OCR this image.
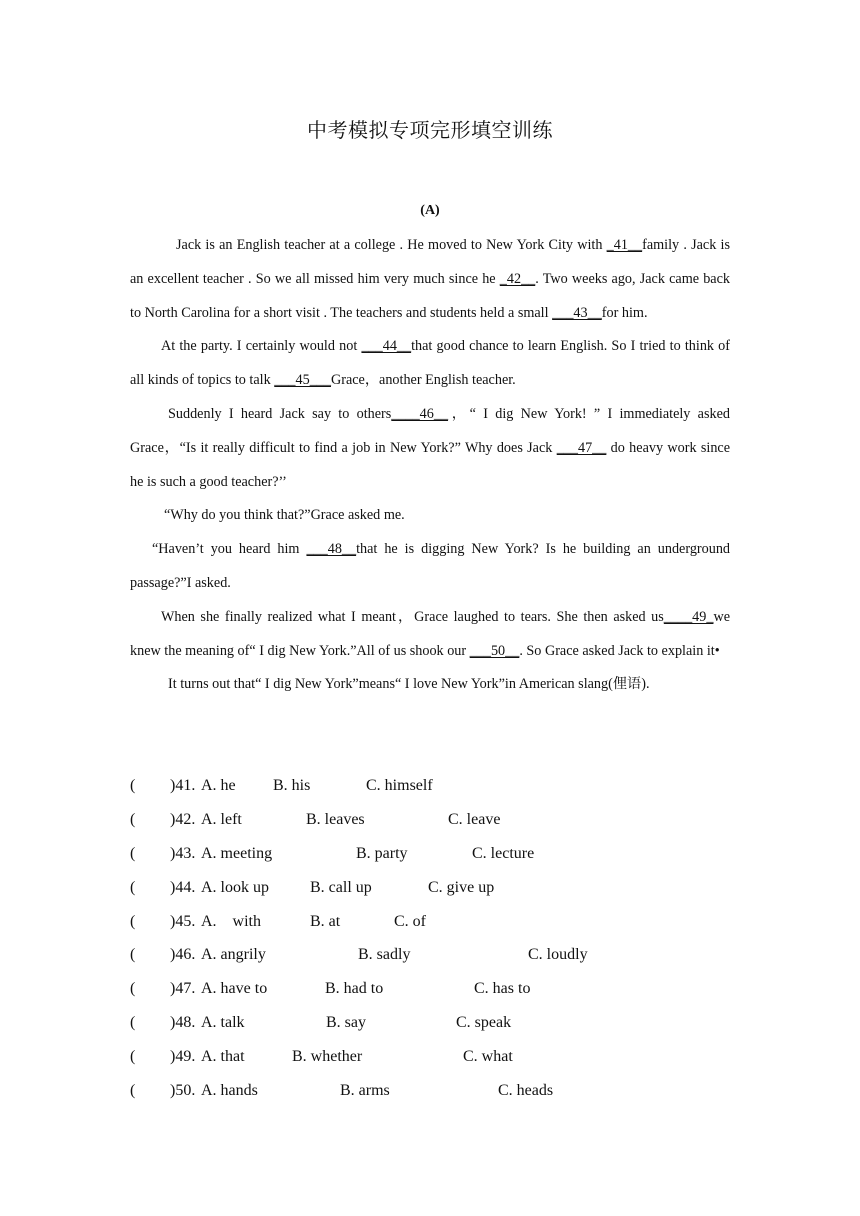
中考模拟专项完形填空训练
(A)

Jack is an English teacher at a college . He moved to New York City with _41__family . Jack is an excellent teacher . So we all missed him very much since he _42__. Two weeks ago, Jack came back to North Carolina for a short visit . The teachers and students held a small ___43__for him.

At the party. I certainly would not ___44__that good chance to learn English. So I tried to think of all kinds of topics to talk ___45___Grace，another English teacher.

Suddenly I heard Jack say to others____46__，“ I dig New York! ” I immediately asked Grace，“Is it really difficult to find a job in New York?” Why does Jack ___47__ do heavy work since he is such a good teacher?’’

“Why do you think that?”Grace asked me.

“Haven’t you heard him ___48__that he is digging New York? Is he building an underground passage?”I asked.

When she finally realized what I meant，Grace laughed to tears. She then asked us____49_we knew the meaning of“ I dig New York.”All of us shook our ___50__. So Grace asked Jack to explain it•

It turns out that“ I dig New York”means“ I love New York”in American slang(俚语).

( )41. A. he B. his	C. himself
( )42. A. left	B. leaves	C. leave
( )43. A. meeting	B. party	C. lecture
( )44. A. look up	B. call up	C. give up
( )45. A.    with	B. at	C. of
( )46. A. angrily	B. sadly	C. loudly
( )47. A. have to	B. had to	C. has to
( )48. A. talk	B. say	C. speak
( )49. A. that	B. whether	C. what
( )50. A. hands	B. arms	C. heads
